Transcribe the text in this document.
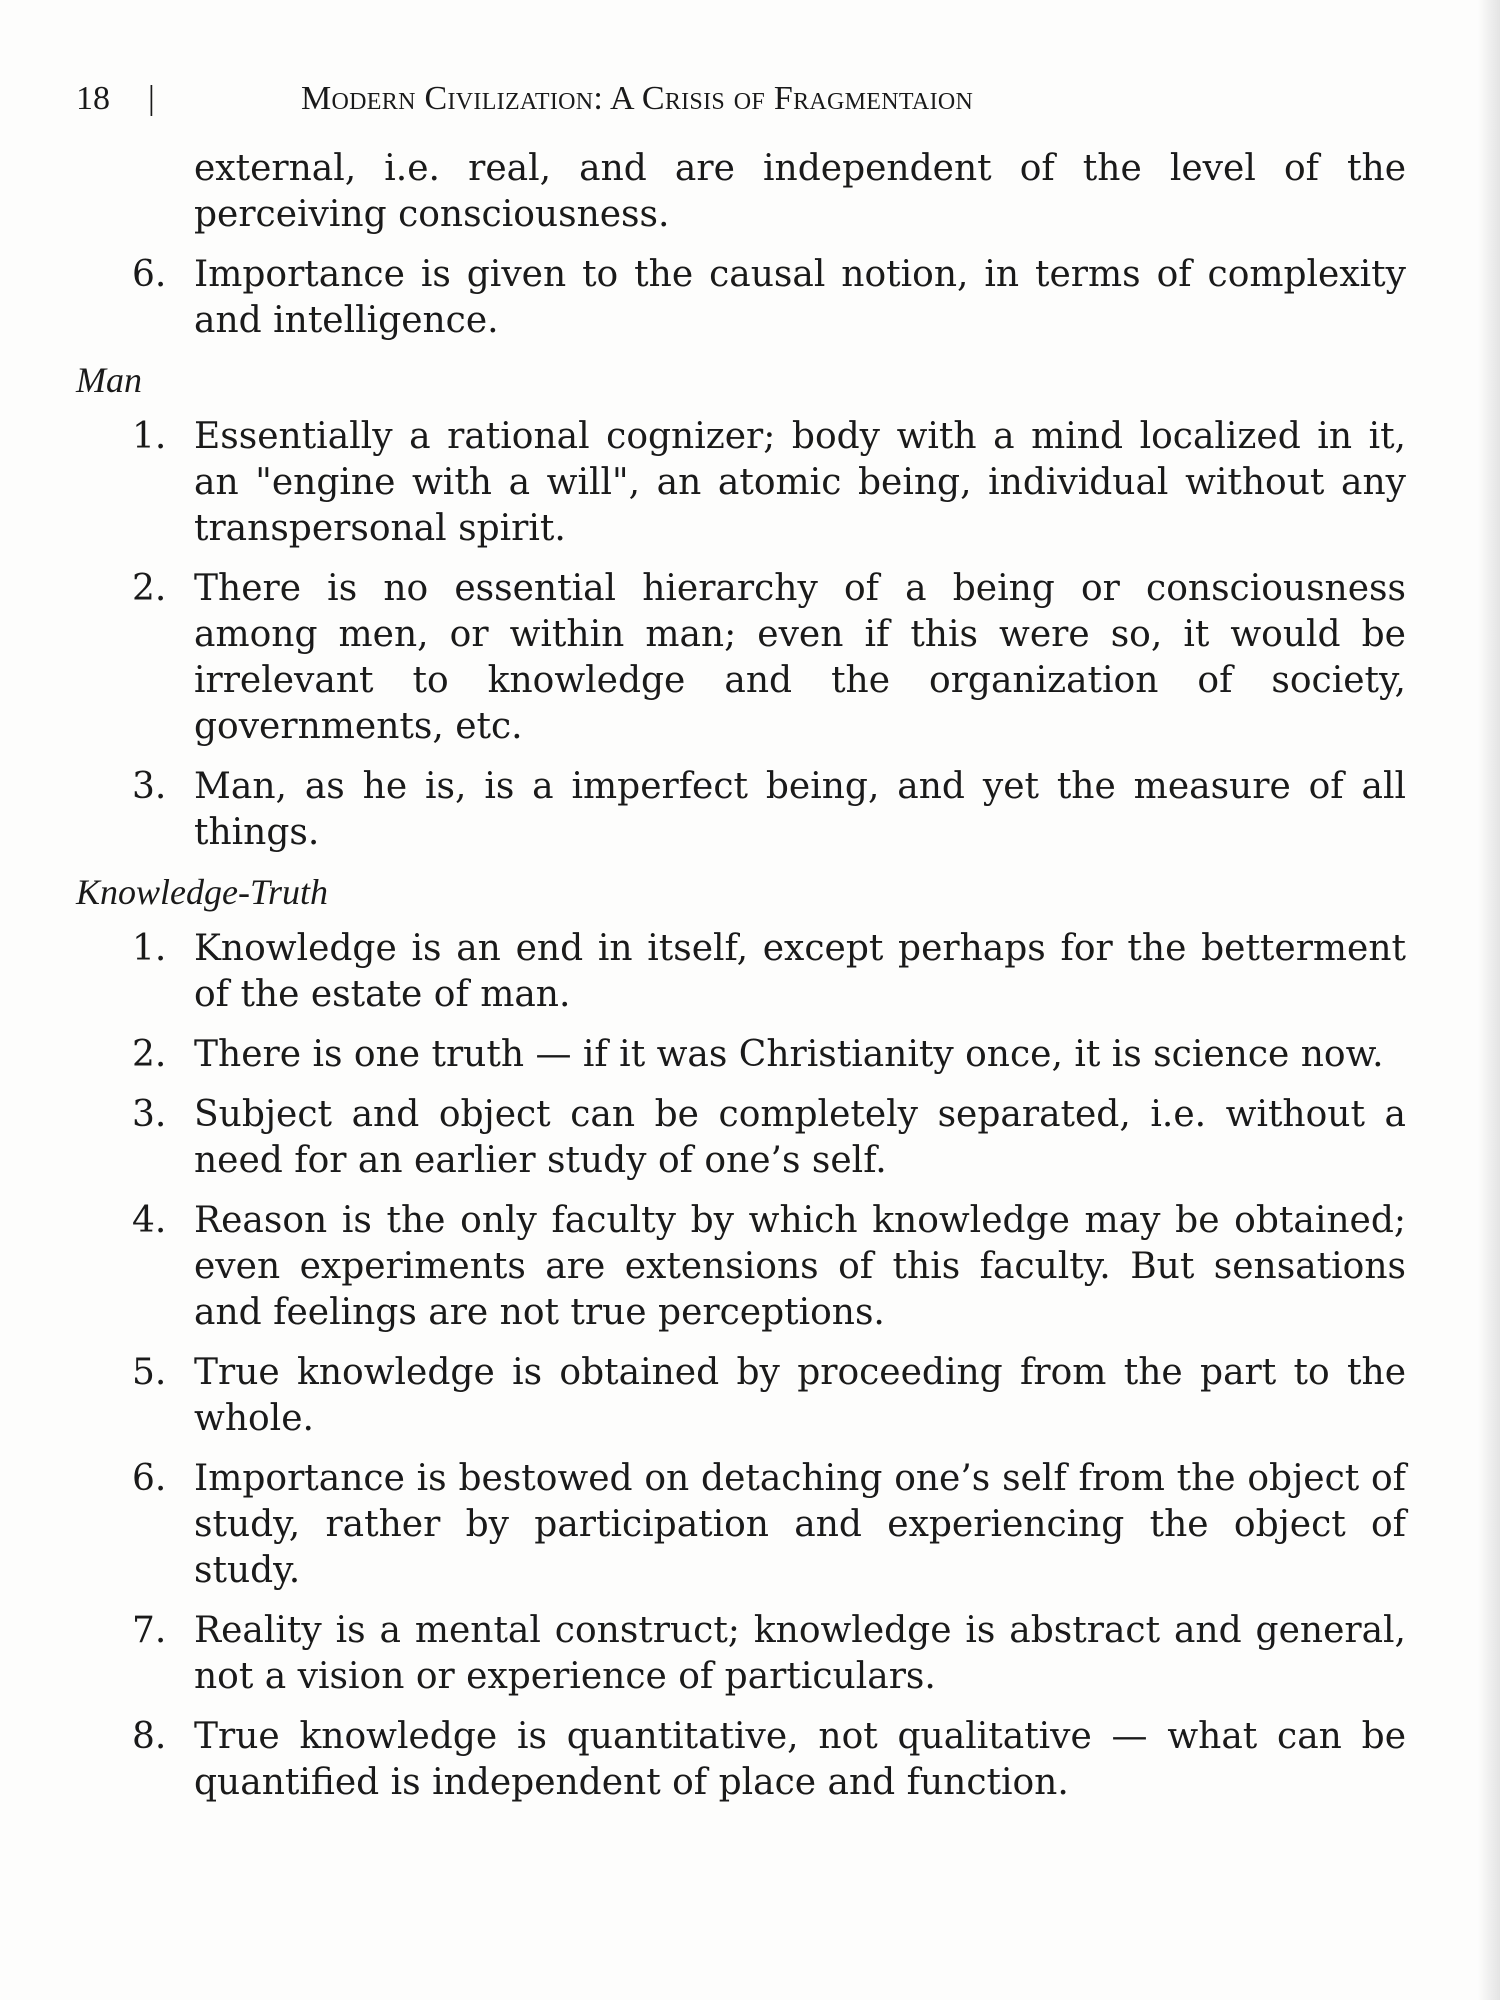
18 |	Modern Civilization: A Crisis of Fragmentaion

external, i.e. real, and are independent of the level of the perceiving consciousness.

6. Importance is given to the causal notion, in terms of complexity and intelligence.
Man
1. Essentially a rational cognizer; body with a mind localized in it, an "engine with a will", an atomic being, individual without any transpersonal spirit.
2. There is no essential hierarchy of a being or consciousness among men, or within man; even if this were so, it would be irrelevant to knowledge and the organization of society, governments, etc.
3. Man, as he is, is a imperfect being, and yet the measure of all things.
Knowledge-Truth
1. Knowledge is an end in itself, except perhaps for the betterment of the estate of man.
2. There is one truth — if it was Christianity once, it is science now.
3. Subject and object can be completely separated, i.e. without a need for an earlier study of one’s self.
4. Reason is the only faculty by which knowledge may be obtained; even experiments are extensions of this faculty. But sensations and feelings are not true perceptions.
5. True knowledge is obtained by proceeding from the part to the whole.
6. Importance is bestowed on detaching one’s self from the object of study, rather by participation and experiencing the object of study.
7. Reality is a mental construct; knowledge is abstract and general, not a vision or experience of particulars.
8. True knowledge is quantitative, not qualitative — what can be quantified is independent of place and function.
